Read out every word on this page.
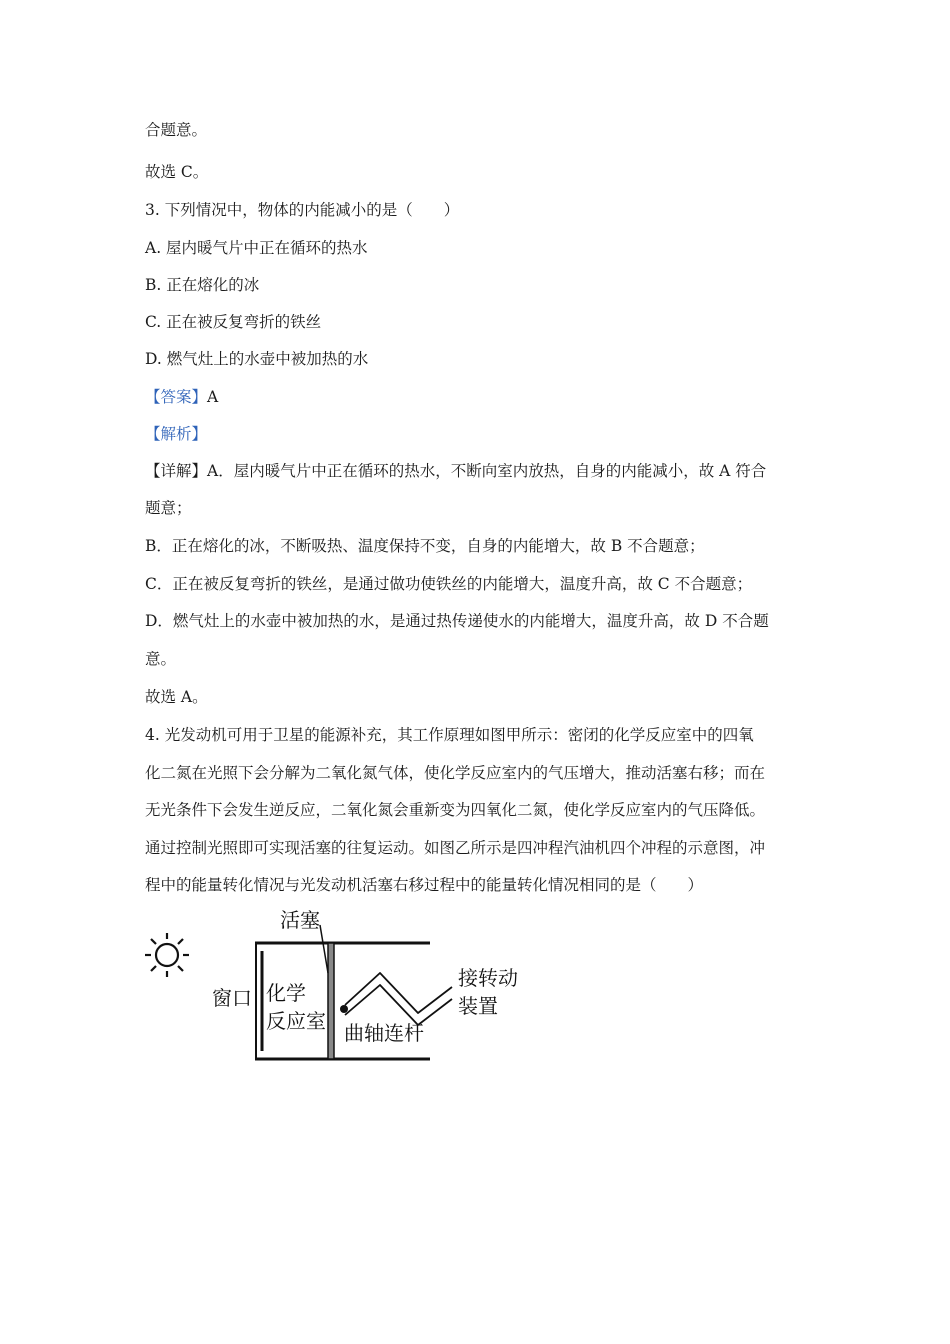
合题意。

故选 C。

3. 下列情况中，物体的内能减小的是（　　）

A. 屋内暖气片中正在循环的热水

B. 正在熔化的冰

C. 正在被反复弯折的铁丝

D. 燃气灶上的水壶中被加热的水

【答案】A

【解析】

【详解】A．屋内暖气片中正在循环的热水，不断向室内放热，自身的内能减小，故 A 符合

题意；

B．正在熔化的冰，不断吸热、温度保持不变，自身的内能增大，故 B 不合题意；

C．正在被反复弯折的铁丝，是通过做功使铁丝的内能增大，温度升高，故 C 不合题意；

D．燃气灶上的水壶中被加热的水，是通过热传递使水的内能增大，温度升高，故 D 不合题

意。

故选 A。

4. 光发动机可用于卫星的能源补充，其工作原理如图甲所示：密闭的化学反应室中的四氧

化二氮在光照下会分解为二氧化氮气体，使化学反应室内的气压增大，推动活塞右移；而在

无光条件下会发生逆反应，二氧化氮会重新变为四氧化二氮，使化学反应室内的气压降低。

通过控制光照即可实现活塞的往复运动。如图乙所示是四冲程汽油机四个冲程的示意图，冲

程中的能量转化情况与光发动机活塞右移过程中的能量转化情况相同的是（　　）

活塞
窗口 化学
反应室 曲轴连杆
接转动
装置
